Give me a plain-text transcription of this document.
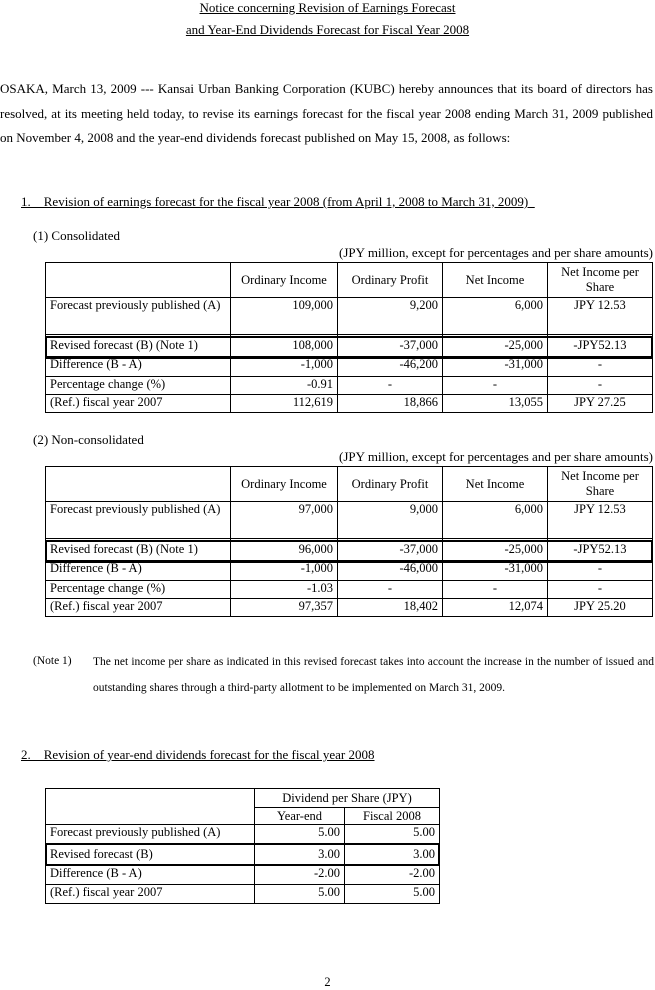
Notice concerning Revision of Earnings Forecast
and Year-End Dividends Forecast for Fiscal Year 2008
OSAKA, March 13, 2009 --- Kansai Urban Banking Corporation (KUBC) hereby announces that its board of directors has resolved, at its meeting held today, to revise its earnings forecast for the fiscal year 2008 ending March 31, 2009 published on November 4, 2008 and the year-end dividends forecast published on May 15, 2008, as follows:
1.    Revision of earnings forecast for the fiscal year 2008 (from April 1, 2008 to March 31, 2009)
(1) Consolidated
(JPY million, except for percentages and per share amounts)
	Ordinary Income	Ordinary Profit	Net Income	Net Income per Share
Forecast previously published (A)	109,000	9,200	6,000	JPY 12.53
Revised forecast (B) (Note 1)	108,000	-37,000	-25,000	-JPY52.13
Difference (B - A)	-1,000	-46,200	-31,000	-
Percentage change (%)	-0.91	-	-	-
(Ref.) fiscal year 2007	112,619	18,866	13,055	JPY 27.25
(2) Non-consolidated
(JPY million, except for percentages and per share amounts)
	Ordinary Income	Ordinary Profit	Net Income	Net Income per Share
Forecast previously published (A)	97,000	9,000	6,000	JPY 12.53
Revised forecast (B) (Note 1)	96,000	-37,000	-25,000	-JPY52.13
Difference (B - A)	-1,000	-46,000	-31,000	-
Percentage change (%)	-1.03	-	-	-
(Ref.) fiscal year 2007	97,357	18,402	12,074	JPY 25.20
(Note 1) The net income per share as indicated in this revised forecast takes into account the increase in the number of issued and outstanding shares through a third-party allotment to be implemented on March 31, 2009.
2.    Revision of year-end dividends forecast for the fiscal year 2008
	Dividend per Share (JPY)	
	Year-end	Fiscal 2008
Forecast previously published (A)	5.00	5.00
Revised forecast (B)	3.00	3.00
Difference (B - A)	-2.00	-2.00
(Ref.) fiscal year 2007	5.00	5.00
2
